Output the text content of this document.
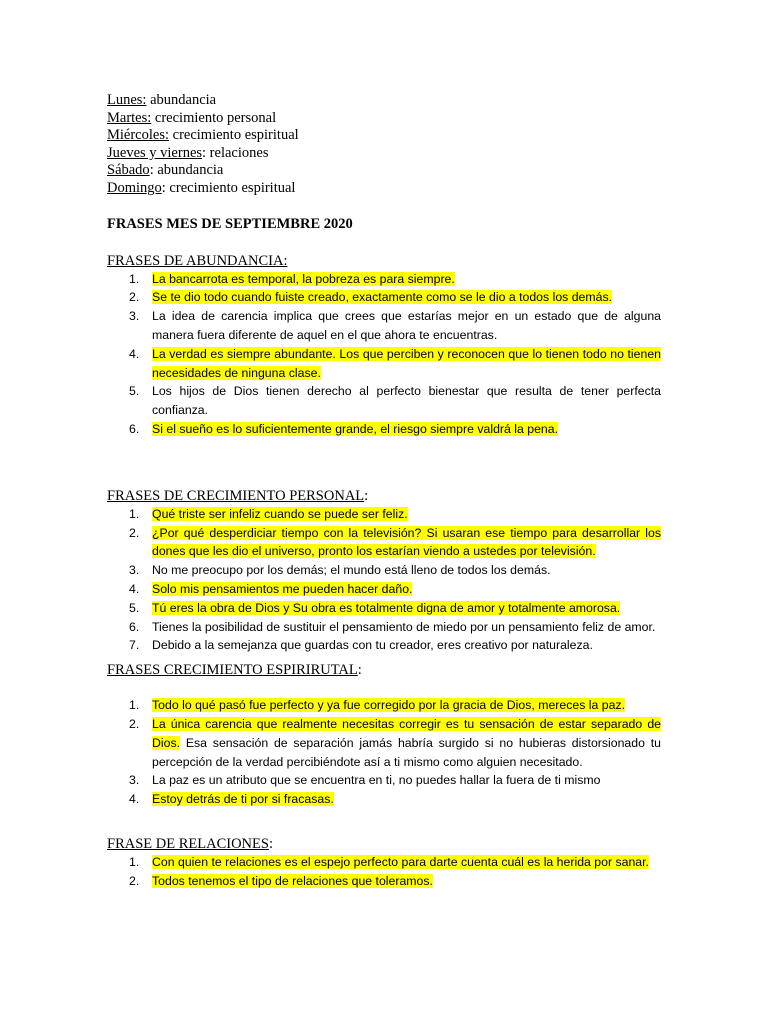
Lunes: abundancia
Martes: crecimiento personal
Miércoles: crecimiento espiritual
Jueves y viernes: relaciones
Sábado: abundancia
Domingo: crecimiento espiritual
FRASES MES DE SEPTIEMBRE 2020
FRASES DE ABUNDANCIA:
1. La bancarrota es temporal, la pobreza es para siempre.
2. Se te dio todo cuando fuiste creado, exactamente como se le dio a todos los demás.
3. La idea de carencia implica que crees que estarías mejor en un estado que de alguna manera fuera diferente de aquel en el que ahora te encuentras.
4. La verdad es siempre abundante. Los que perciben y reconocen que lo tienen todo no tienen necesidades de ninguna clase.
5. Los hijos de Dios tienen derecho al perfecto bienestar que resulta de tener perfecta confianza.
6. Si el sueño es lo suficientemente grande, el riesgo siempre valdrá la pena.
FRASES DE CRECIMIENTO PERSONAL:
1. Qué triste ser infeliz cuando se puede ser feliz.
2. ¿Por qué desperdiciar tiempo con la televisión? Si usaran ese tiempo para desarrollar los dones que les dio el universo, pronto los estarían viendo a ustedes por televisión.
3. No me preocupo por los demás; el mundo está lleno de todos los demás.
4. Solo mis pensamientos me pueden hacer daño.
5. Tú eres la obra de Dios y Su obra es totalmente digna de amor y totalmente amorosa.
6. Tienes la posibilidad de sustituir el pensamiento de miedo por un pensamiento feliz de amor.
7. Debido a la semejanza que guardas con tu creador, eres creativo por naturaleza.
FRASES CRECIMIENTO ESPIRIRUTAL:
1. Todo lo qué pasó fue perfecto y ya fue corregido por la gracia de Dios, mereces la paz.
2. La única carencia que realmente necesitas corregir es tu sensación de estar separado de Dios. Esa sensación de separación jamás habría surgido si no hubieras distorsionado tu percepción de la verdad percibiéndote así a ti mismo como alguien necesitado.
3. La paz es un atributo que se encuentra en ti, no puedes hallar la fuera de ti mismo
4. Estoy detrás de ti por si fracasas.
FRASE DE RELACIONES:
1. Con quien te relaciones es el espejo perfecto para darte cuenta cuál es la herida por sanar.
2. Todos tenemos el tipo de relaciones que toleramos.
